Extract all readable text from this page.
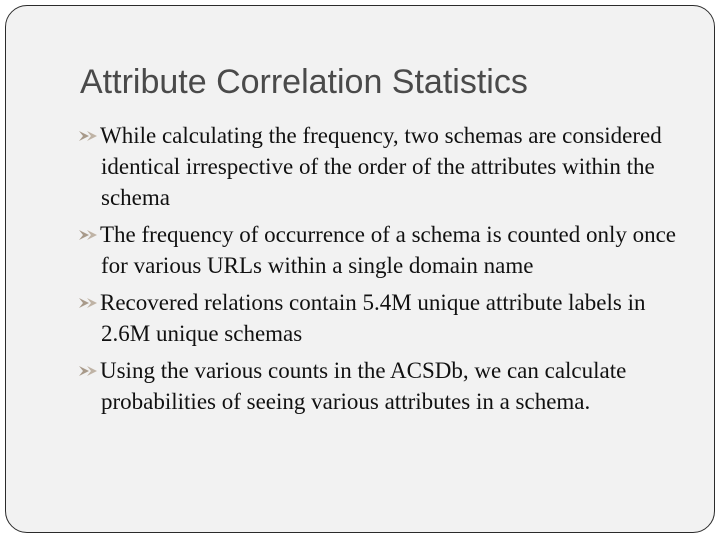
Attribute Correlation Statistics
While calculating the frequency, two schemas are considered identical irrespective of the order of the attributes within the schema
The frequency of occurrence of a schema is counted only once for various URLs within a single domain name
Recovered relations contain 5.4M unique attribute labels in 2.6M unique schemas
Using the various counts in the ACSDb, we can calculate probabilities of seeing various attributes in a schema.
